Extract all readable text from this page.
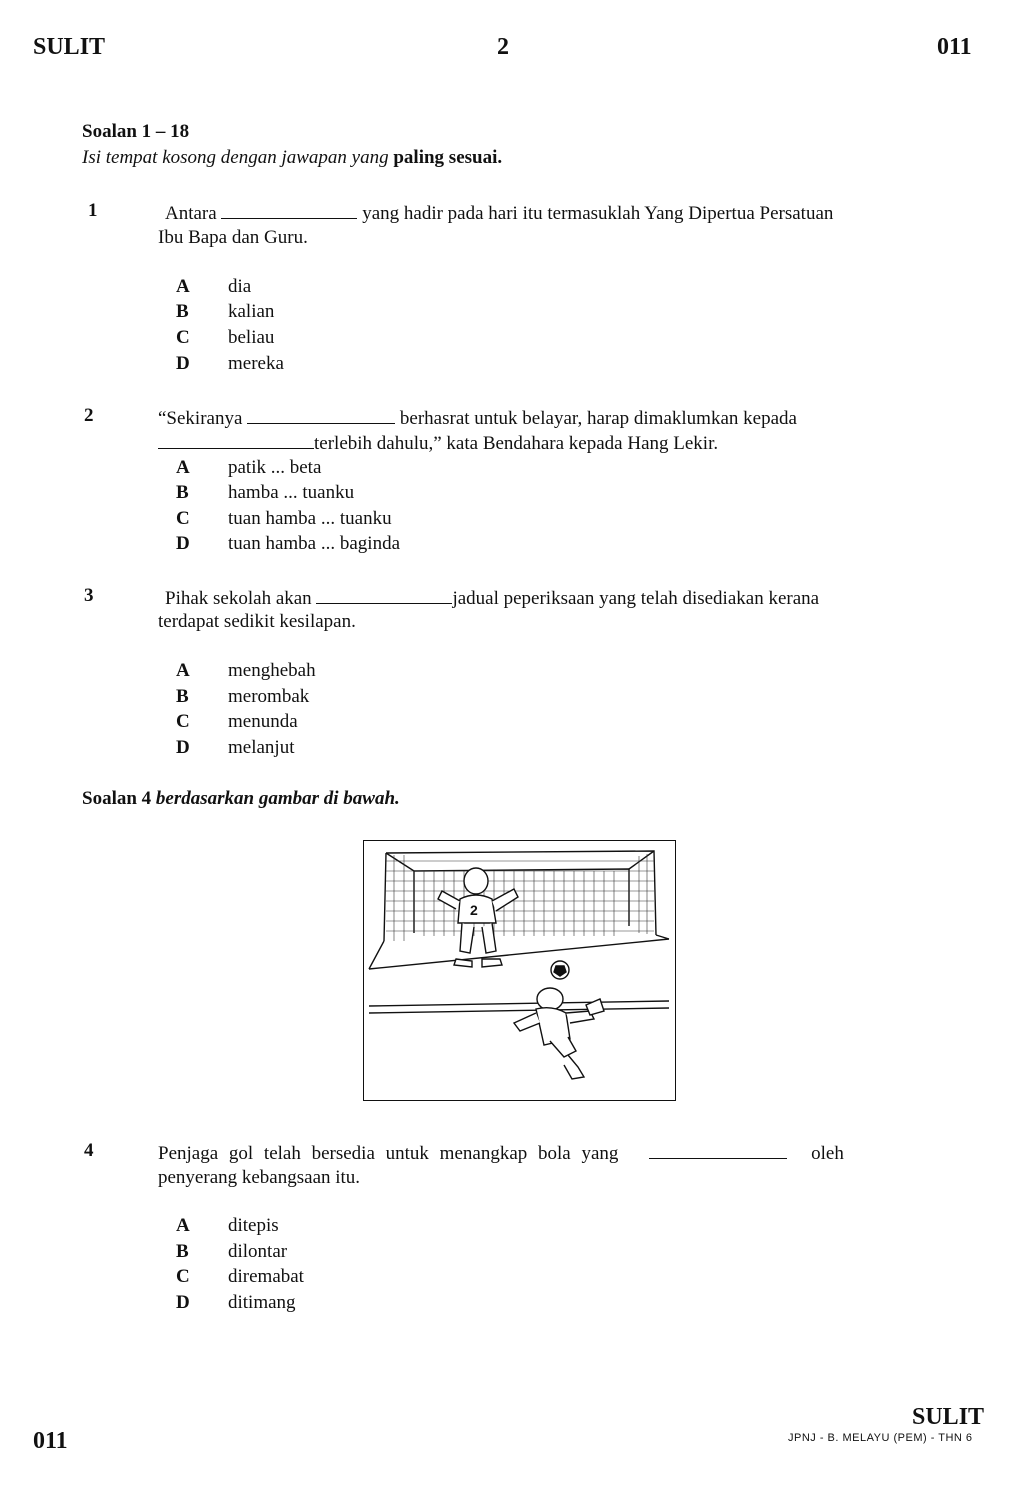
SULIT	2	011
Soalan 1 – 18
Isi tempat kosong dengan jawapan yang paling sesuai.
1	Antara	yang hadir pada hari itu termasuklah Yang Dipertua Persatuan
Ibu Bapa dan Guru.
A dia
B kalian
C beliau
D mereka
2	“Sekiranya	berhasrat untuk belayar, harap dimaklumkan kepada
terlebih dahulu,” kata Bendahara kepada Hang Lekir.
A patik ... beta
B hamba ... tuanku
C tuan hamba ... tuanku
D tuan hamba ... baginda
3	Pihak sekolah akan	jadual peperiksaan yang telah disediakan kerana
terdapat sedikit kesilapan.
A menghebah
B merombak
C menunda
D melanjut
Soalan 4 berdasarkan gambar di bawah.
2
4	Penjaga gol telah bersedia untuk menangkap bola yang	oleh
penyerang kebangsaan itu.
A ditepis
B dilontar
C diremabat
D ditimang
011
SULIT
JPNJ - B. MELAYU (PEM) - THN 6
